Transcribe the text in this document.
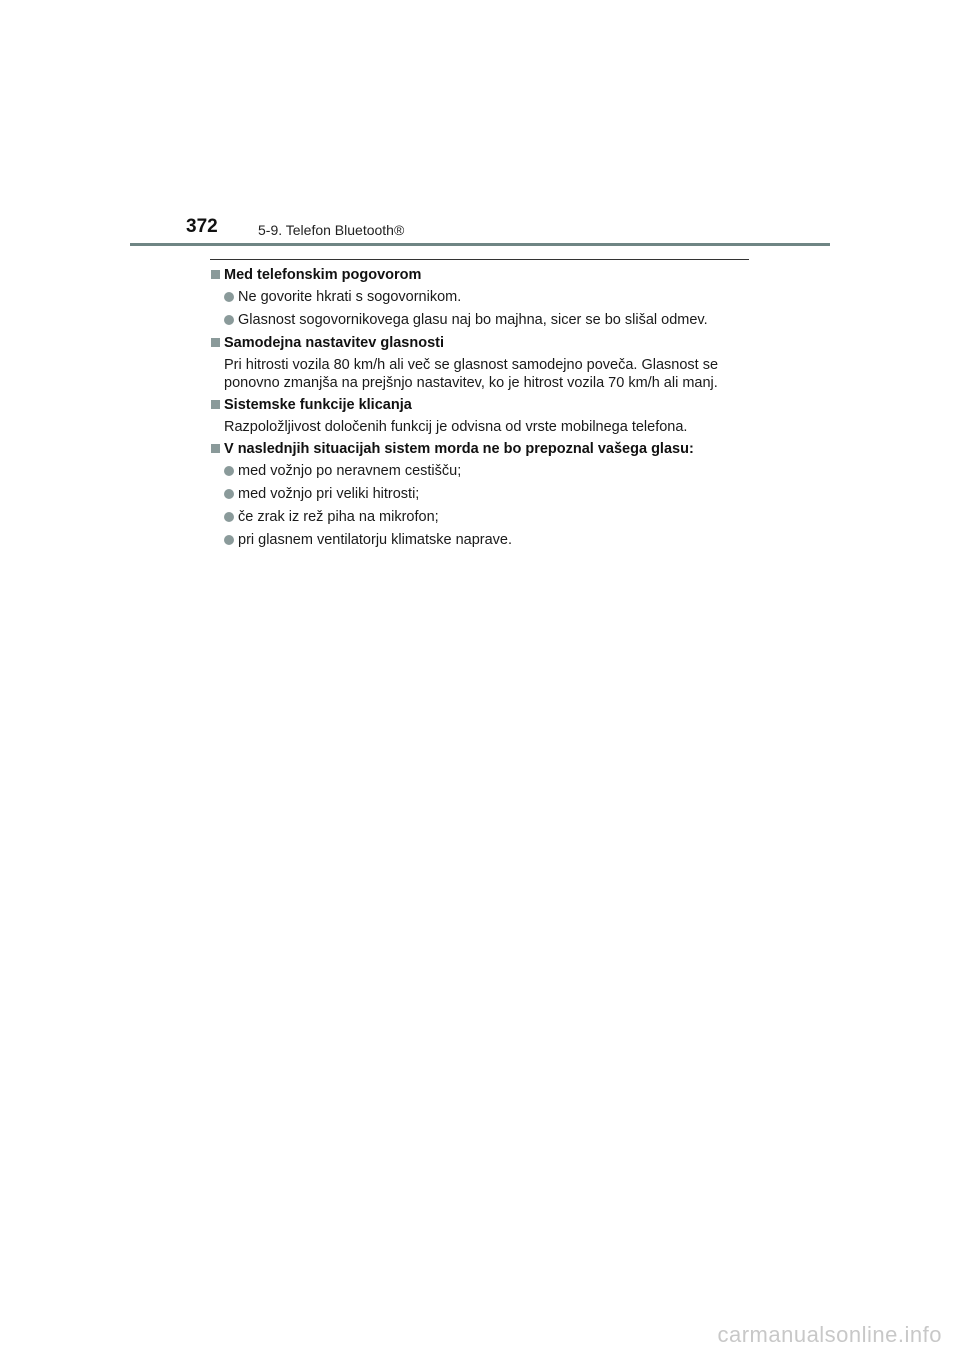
372	5-9. Telefon Bluetooth®
Med telefonskim pogovorom
Ne govorite hkrati s sogovornikom.
Glasnost sogovornikovega glasu naj bo majhna, sicer se bo slišal odmev.
Samodejna nastavitev glasnosti
Pri hitrosti vozila 80 km/h ali več se glasnost samodejno poveča. Glasnost se
ponovno zmanjša na prejšnjo nastavitev, ko je hitrost vozila 70 km/h ali manj.
Sistemske funkcije klicanja
Razpoložljivost določenih funkcij je odvisna od vrste mobilnega telefona.
V naslednjih situacijah sistem morda ne bo prepoznal vašega glasu:
med vožnjo po neravnem cestišču;
med vožnjo pri veliki hitrosti;
če zrak iz rež piha na mikrofon;
pri glasnem ventilatorju klimatske naprave.
carmanualsonline.info
